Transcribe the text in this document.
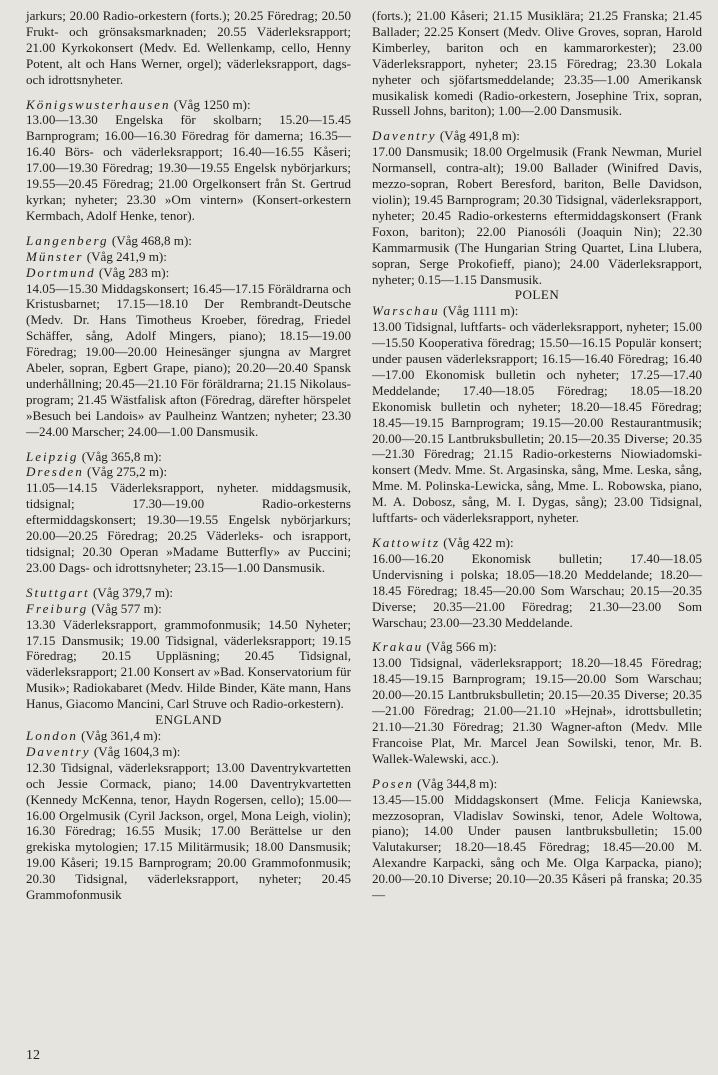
jarkurs; 20.00 Radio-orkestern (forts.); 20.25 Föredrag; 20.50 Frukt- och grönsaksmarknaden; 20.55 Väderleksrapport; 21.00 Kyrkokonsert (Medv. Ed. Wellenkamp, cello, Henny Potent, alt och Hans Werner, orgel); väderleksrapport, dags- och idrottsnyheter.

Königswusterhausen (Våg 1250 m):

13.00—13.30 Engelska för skolbarn; 15.20—15.45 Barnprogram; 16.00—16.30 Föredrag för damerna; 16.35—16.40 Börs- och väderleksrapport; 16.40—16.55 Kåseri; 17.00—19.30 Föredrag; 19.30—19.55 Engelsk nybörjarkurs; 19.55—20.45 Föredrag; 21.00 Orgelkonsert från St. Gertrud kyrkan; nyheter; 23.30 »Om vintern» (Konsert-orkestern Kermbach, Adolf Henke, tenor).

Langenberg (Våg 468,8 m):

Münster (Våg 241,9 m):

Dortmund (Våg 283 m):

14.05—15.30 Middagskonsert; 16.45—17.15 Föräldrarna och Kristusbarnet; 17.15—18.10 Der Rembrandt-Deutsche (Medv. Dr. Hans Timotheus Kroeber, föredrag, Friedel Schäffer, sång, Adolf Mingers, piano); 18.15—19.00 Föredrag; 19.00—20.00 Heinesänger sjungna av Margret Abeler, sopran, Egbert Grape, piano); 20.20—20.40 Spansk underhållning; 20.45—21.10 För föräldrarna; 21.15 Nikolaus-program; 21.45 Wästfalisk afton (Föredrag, därefter hörspelet »Besuch bei Landois» av Paulheinz Wantzen; nyheter; 23.30—24.00 Marscher; 24.00—1.00 Dansmusik.

Leipzig (Våg 365,8 m):

Dresden (Våg 275,2 m):

11.05—14.15 Väderleksrapport, nyheter. middagsmusik, tidsignal; 17.30—19.00 Radio-orkesterns eftermiddagskonsert; 19.30—19.55 Engelsk nybörjarkurs; 20.00—20.25 Föredrag; 20.25 Väderleks- och israpport, tidsignal; 20.30 Operan »Madame Butterfly» av Puccini; 23.00 Dags- och idrottsnyheter; 23.15—1.00 Dansmusik.

Stuttgart (Våg 379,7 m):

Freiburg (Våg 577 m):

13.30 Väderleksrapport, grammofonmusik; 14.50 Nyheter; 17.15 Dansmusik; 19.00 Tidsignal, väderleksrapport; 19.15 Föredrag; 20.15 Uppläsning; 20.45 Tidsignal, väderleksrapport; 21.00 Konsert av »Bad. Konservatorium für Musik»; Radiokabaret (Medv. Hilde Binder, Käte mann, Hans Hanus, Giacomo Mancini, Carl Struve och Radio-orkestern).

ENGLAND

London (Våg 361,4 m):

Daventry (Våg 1604,3 m):

12.30 Tidsignal, väderleksrapport; 13.00 Daventrykvartetten och Jessie Cormack, piano; 14.00 Daventrykvartetten (Kennedy McKenna, tenor, Haydn Rogersen, cello); 15.00—16.00 Orgelmusik (Cyril Jackson, orgel, Mona Leigh, violin); 16.30 Föredrag; 16.55 Musik; 17.00 Berättelse ur den grekiska mytologien; 17.15 Militärmusik; 18.00 Dansmusik; 19.00 Kåseri; 19.15 Barnprogram; 20.00 Grammofonmusik; 20.30 Tidsignal, väderleksrapport, nyheter; 20.45 Grammofonmusik

(forts.); 21.00 Kåseri; 21.15 Musiklära; 21.25 Franska; 21.45 Ballader; 22.25 Konsert (Medv. Olive Groves, sopran, Harold Kimberley, bariton och en kammarorkester); 23.00 Väderleksrapport, nyheter; 23.15 Föredrag; 23.30 Lokala nyheter och sjöfartsmeddelande; 23.35—1.00 Amerikansk musikalisk komedi (Radio-orkestern, Josephine Trix, sopran, Russell Johns, bariton); 1.00—2.00 Dansmusik.

Daventry (Våg 491,8 m):

17.00 Dansmusik; 18.00 Orgelmusik (Frank Newman, Muriel Normansell, contra-alt); 19.00 Ballader (Winifred Davis, mezzo-sopran, Robert Beresford, bariton, Belle Davidson, violin); 19.45 Barnprogram; 20.30 Tidsignal, väderleksrapport, nyheter; 20.45 Radio-orkesterns eftermiddagskonsert (Frank Foxon, bariton); 22.00 Pianosóli (Joaquin Nin); 22.30 Kammarmusik (The Hungarian String Quartet, Lina Llubera, sopran, Serge Prokofieff, piano); 24.00 Väderleksrapport, nyheter; 0.15—1.15 Dansmusik.

POLEN

Warschau (Våg 1111 m):

13.00 Tidsignal, luftfarts- och väderleksrapport, nyheter; 15.00—15.50 Kooperativa föredrag; 15.50—16.15 Populär konsert; under pausen väderleksrapport; 16.15—16.40 Föredrag; 16.40—17.00 Ekonomisk bulletin och nyheter; 17.25—17.40 Meddelande; 17.40—18.05 Föredrag; 18.05—18.20 Ekonomisk bulletin och nyheter; 18.20—18.45 Föredrag; 18.45—19.15 Barnprogram; 19.15—20.00 Restaurantmusik; 20.00—20.15 Lantbruksbulletin; 20.15—20.35 Diverse; 20.35—21.30 Föredrag; 21.15 Radio-orkesterns Niowiadomski-konsert (Medv. Mme. St. Argasinska, sång, Mme. Leska, sång, Mme. M. Polinska-Lewicka, sång, Mme. L. Robowska, piano, M. A. Dobosz, sång, M. I. Dygas, sång); 23.00 Tidsignal, luftfarts- och väderleksrapport, nyheter.

Kattowitz (Våg 422 m):

16.00—16.20 Ekonomisk bulletin; 17.40—18.05 Undervisning i polska; 18.05—18.20 Meddelande; 18.20—18.45 Föredrag; 18.45—20.00 Som Warschau; 20.15—20.35 Diverse; 20.35—21.00 Föredrag; 21.30—23.00 Som Warschau; 23.00—23.30 Meddelande.

Krakau (Våg 566 m):

13.00 Tidsignal, väderleksrapport; 18.20—18.45 Föredrag; 18.45—19.15 Barnprogram; 19.15—20.00 Som Warschau; 20.00—20.15 Lantbruksbulletin; 20.15—20.35 Diverse; 20.35—21.00 Föredrag; 21.00—21.10 »Hejnał», idrottsbulletin; 21.10—21.30 Föredrag; 21.30 Wagner-afton (Medv. Mlle Francoise Plat, Mr. Marcel Jean Sowilski, tenor, Mr. B. Wallek-Walewski, acc.).

Posen (Våg 344,8 m):

13.45—15.00 Middagskonsert (Mme. Felicja Kaniewska, mezzosopran, Vladislav Sowinski, tenor, Adele Woltowa, piano); 14.00 Under pausen lantbruksbulletin; 15.00 Valutakurser; 18.20—18.45 Föredrag; 18.45—20.00 M. Alexandre Karpacki, sång och Me. Olga Karpacka, piano); 20.00—20.10 Diverse; 20.10—20.35 Kåseri på franska; 20.35—

12
